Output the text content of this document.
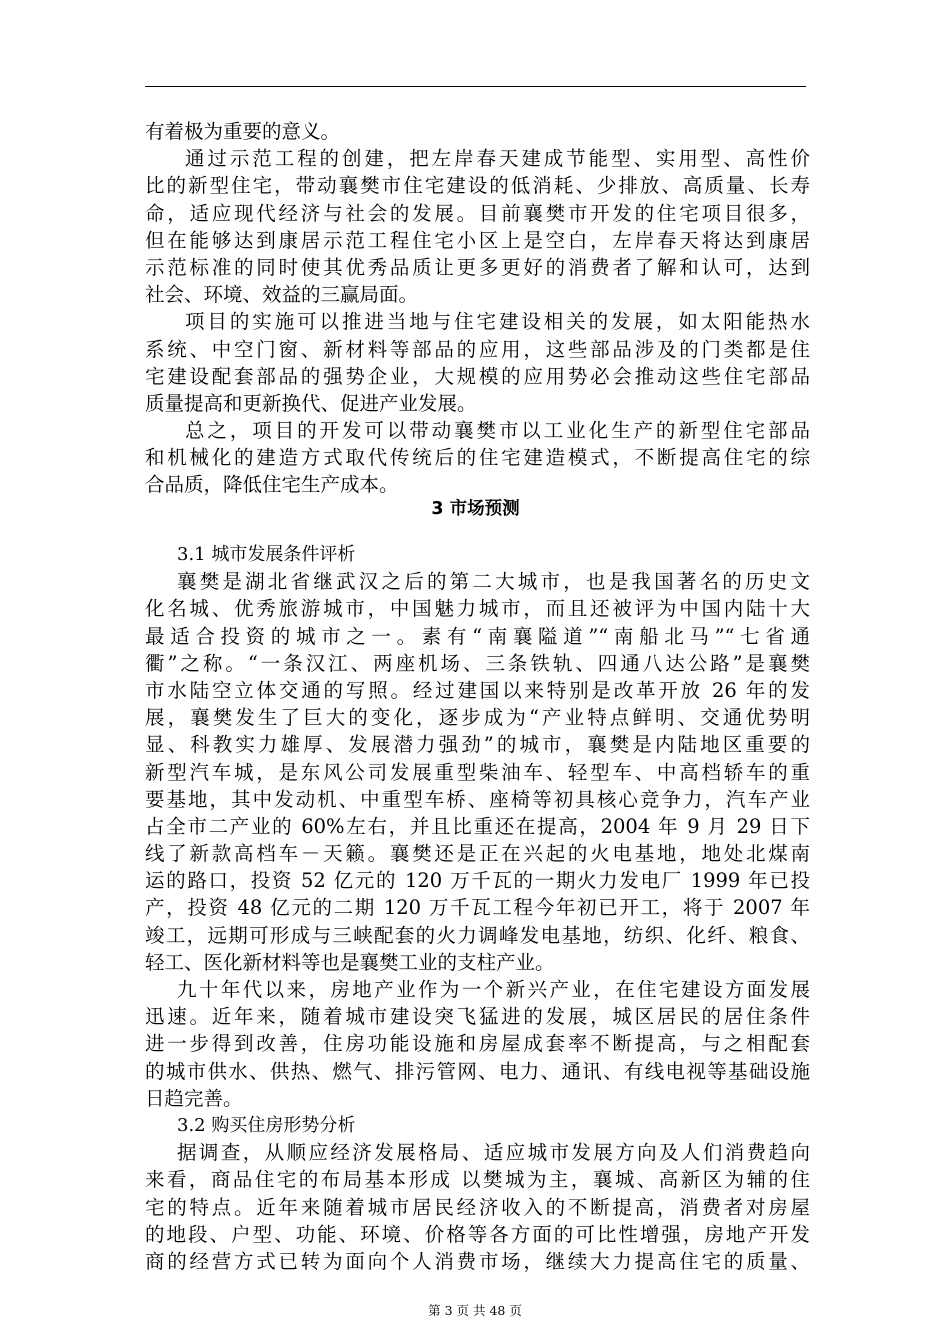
有着极为重要的意义。
通过示范工程的创建，把左岸春天建成节能型、实用型、高性价
比的新型住宅，带动襄樊市住宅建设的低消耗、少排放、高质量、长寿
命，适应现代经济与社会的发展。目前襄樊市开发的住宅项目很多，
但在能够达到康居示范工程住宅小区上是空白，左岸春天将达到康居
示范标准的同时使其优秀品质让更多更好的消费者了解和认可，达到
社会、环境、效益的三赢局面。
项目的实施可以推进当地与住宅建设相关的发展，如太阳能热水
系统、中空门窗、新材料等部品的应用，这些部品涉及的门类都是住
宅建设配套部品的强势企业，大规模的应用势必会推动这些住宅部品
质量提高和更新换代、促进产业发展。
总之，项目的开发可以带动襄樊市以工业化生产的新型住宅部品
和机械化的建造方式取代传统后的住宅建造模式，不断提高住宅的综
合品质，降低住宅生产成本。
3 市场预测
3.1 城市发展条件评析
襄樊是湖北省继武汉之后的第二大城市，也是我国著名的历史文
化名城、优秀旅游城市，中国魅力城市，而且还被评为中国内陆十大
最适合投资的城市之一。素有“南襄隘道”“南船北马”“七省通
衢”之称。“一条汉江、两座机场、三条铁轨、四通八达公路”是襄樊
市水陆空立体交通的写照。经过建国以来特别是改革开放 26 年的发
展，襄樊发生了巨大的变化，逐步成为“产业特点鲜明、交通优势明
显、科教实力雄厚、发展潜力强劲”的城市，襄樊是内陆地区重要的
新型汽车城，是东风公司发展重型柴油车、轻型车、中高档轿车的重
要基地，其中发动机、中重型车桥、座椅等初具核心竞争力，汽车产业
占全市二产业的 60%左右，并且比重还在提高，2004 年 9 月 29 日下
线了新款高档车－天籁。襄樊还是正在兴起的火电基地，地处北煤南
运的路口，投资 52 亿元的 120 万千瓦的一期火力发电厂 1999 年已投
产，投资 48 亿元的二期 120 万千瓦工程今年初已开工，将于 2007 年
竣工，远期可形成与三峡配套的火力调峰发电基地，纺织、化纤、粮食、
轻工、医化新材料等也是襄樊工业的支柱产业。
九十年代以来，房地产业作为一个新兴产业，在住宅建设方面发展
迅速。近年来，随着城市建设突飞猛进的发展，城区居民的居住条件
进一步得到改善，住房功能设施和房屋成套率不断提高，与之相配套
的城市供水、供热、燃气、排污管网、电力、通讯、有线电视等基础设施
日趋完善。
3.2 购买住房形势分析
据调查，从顺应经济发展格局、适应城市发展方向及人们消费趋向
来看，商品住宅的布局基本形成 以樊城为主，襄城、高新区为辅的住
宅的特点。近年来随着城市居民经济收入的不断提高，消费者对房屋
的地段、户型、功能、环境、价格等各方面的可比性增强，房地产开发
商的经营方式已转为面向个人消费市场，继续大力提高住宅的质量、
第 3 页 共 48 页
